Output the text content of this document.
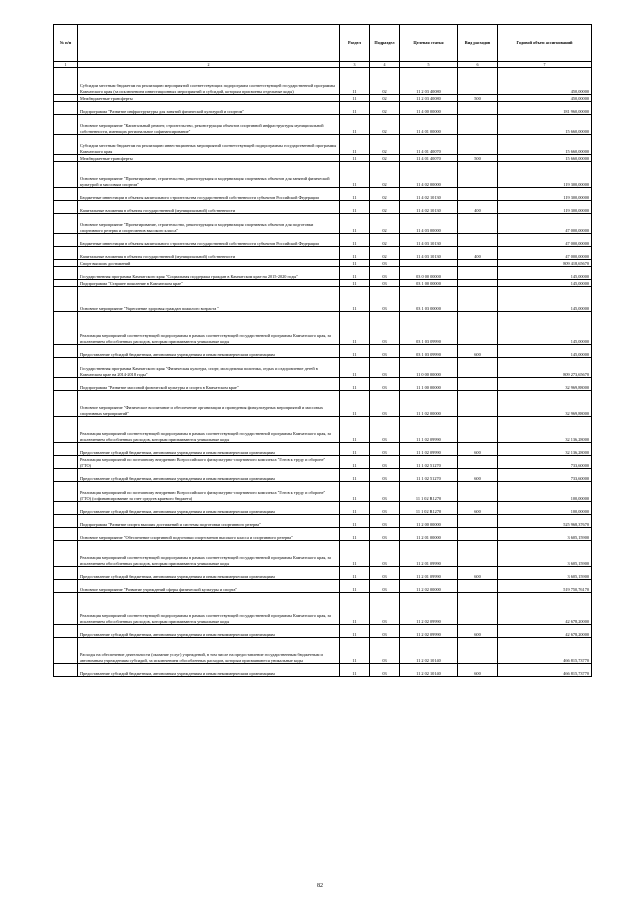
№ п/п		Раздел	Подраздел	Целевая статья	Вид расходов	Годовой объем ассигнований
1	2	3	4	5	6	7
	Субсидии местным бюджетам на реализацию мероприятий соответствующих подпрограмм соответствующей государственной программы Камчатского края (за исключением инвестиционных мероприятий и субсидий, которым присвоены отдельные коды)	11	02	11 2 03 40080		450,00000
	Межбюджетные трансферты	11	02	11 2 03 40080	500	450,00000
	Подпрограмма "Развитие инфраструктуры для занятий физической культурой и спортом"	11	02	11 4 00 00000		181 960,00000
	Основное мероприятие "Капитальный ремонт, строительство, реконструкция объектов спортивной инфраструктуры муниципальной собственности, имеющих региональное софинансирование"	11	02	11 4 01 00000		15 660,00000
	Субсидии местным бюджетам на реализацию инвестиционных мероприятий соответствующей подпрограммы государственной программы Камчатского края	11	02	11 4 01 40070		15 660,00000
	Межбюджетные трансферты	11	02	11 4 01 40070	500	15 660,00000
	Основное мероприятие "Проектирование, строительство, реконструкция и модернизация спортивных объектов для занятий физической культурой и массовым спортом"	11	02	11 4 02 00000		119 300,00000
	Бюджетные инвестиции в объекты капитального строительства государственной собственности субъектов Российской Федерации	11	02	11 4 02 10130		119 300,00000
	Капитальные вложения в объекты государственной (муниципальной) собственности	11	02	11 4 02 10130	400	119 300,00000
	Основное мероприятие "Проектирование, строительство, реконструкция и модернизация спортивных объектов для подготовки спортивного резерва и спортсменов высокого класса"	11	02	11 4 03 00000		47 000,00000
	Бюджетные инвестиции в объекты капитального строительства государственной собственности субъектов Российской Федерации	11	02	11 4 03 10130		47 000,00000
	Капитальные вложения в объекты государственной (муниципальной) собственности	11	02	11 4 03 10130	400	47 000,00000
	Спорт высших достижений	11	03			809 418,65670
	Государственная программа Камчатского края "Социальная поддержка граждан в Камчатском крае на 2015-2020 годы"	11	03	03 0 00 00000		145,00000
	Подпрограмма "Старшее поколение в Камчатском крае"	11	03	03 1 00 00000		145,00000
	Основное мероприятие "Укрепление здоровья граждан пожилого возраста "	11	03	03 1 03 00000		145,00000
	Реализация мероприятий соответствующей подпрограммы в рамках соответствующей государственной программы Камчатского края, за исключением обособленных расходов, которым присваиваются уникальные коды	11	03	03 1 03 09990		145,00000
	Предоставление субсидий бюджетным, автономным учреждениям и иным некоммерческим организациям	11	03	03 1 03 09990	600	145,00000
	Государственная программа Камчатского края "Физическая культура, спорт, молодежная политика, отдых и оздоровление детей в Камчатском крае на 2014-2018 годы"	11	03	11 0 00 00000		809 273,65670
	Подпрограмма "Развитие массовой физической культуры и спорта в Камчатском крае"	11	03	11 1 00 00000		32 969,88000
	Основное мероприятие "Физическое воспитание и обеспечение организации и проведения физкультурных мероприятий и массовых спортивных мероприятий"	11	03	11 1 02 00000		32 969,88000
	Реализация мероприятий соответствующей подпрограммы в рамках соответствующей государственной программы Камчатского края, за исключением обособленных расходов, которым присваиваются уникальные коды	11	03	11 1 02 09990		32 136,28000
	Предоставление субсидий бюджетным, автономным учреждениям и иным некоммерческим организациям	11	03	11 1 02 09990	600	32 136,28000
	Реализация мероприятий по поэтапному внедрению Всероссийского физкультурно-спортивного комплекса "Готов к труду и обороне" (ГТО)	11	03	11 1 02 51270		733,60000
	Предоставление субсидий бюджетным, автономным учреждениям и иным некоммерческим организациям	11	03	11 1 02 51270	600	733,60000
	Реализация мероприятий по поэтапному внедрению Всероссийского физкультурно-спортивного комплекса "Готов к труду и обороне" (ГТО) (софинансирование за счет средств краевого бюджета)	11	03	11 1 02 R1270		100,00000
	Предоставление субсидий бюджетным, автономным учреждениям и иным некоммерческим организациям	11	03	11 1 02 R1270	600	100,00000
	Подпрограмма "Развитие спорта высших достижений и системы подготовки спортивного резерва"	11	03	11 2 00 00000		525 968,37670
	Основное мероприятие "Обеспечение спортивной подготовки спортсменов высокого класса и спортивного резерва"	11	03	11 2 01 00000		3 605,15900
	Реализация мероприятий соответствующей подпрограммы в рамках соответствующей государственной программы Камчатского края, за исключением обособленных расходов, которым присваиваются уникальные коды	11	03	11 2 01 09990		3 605,15900
	Предоставление субсидий бюджетным, автономным учреждениям и иным некоммерческим организациям	11	03	11 2 01 09990	600	3 605,15900
	Основное мероприятие "Развитие учреждений сферы физической культуры и спорта"	11	03	11 2 02 00000		519 750,76170
	Реализация мероприятий соответствующей подпрограммы в рамках соответствующей государственной программы Камчатского края, за исключением обособленных расходов, которым присваиваются уникальные коды	11	03	11 2 02 09990		42 678,20000
	Предоставление субсидий бюджетным, автономным учреждениям и иным некоммерческим организациям	11	03	11 2 02 09990	600	42 678,20000
	Расходы на обеспечение деятельности (оказание услуг) учреждений, в том числе на предоставление государственным бюджетным и автономным учреждениям субсидий, за исключением обособленных расходов, которым присваиваются уникальные коды	11	03	11 2 02 10140		466 815,73770
	Предоставление субсидий бюджетным, автономным учреждениям и иным некоммерческим организациям	11	03	11 2 02 10140	600	466 815,73770
82
